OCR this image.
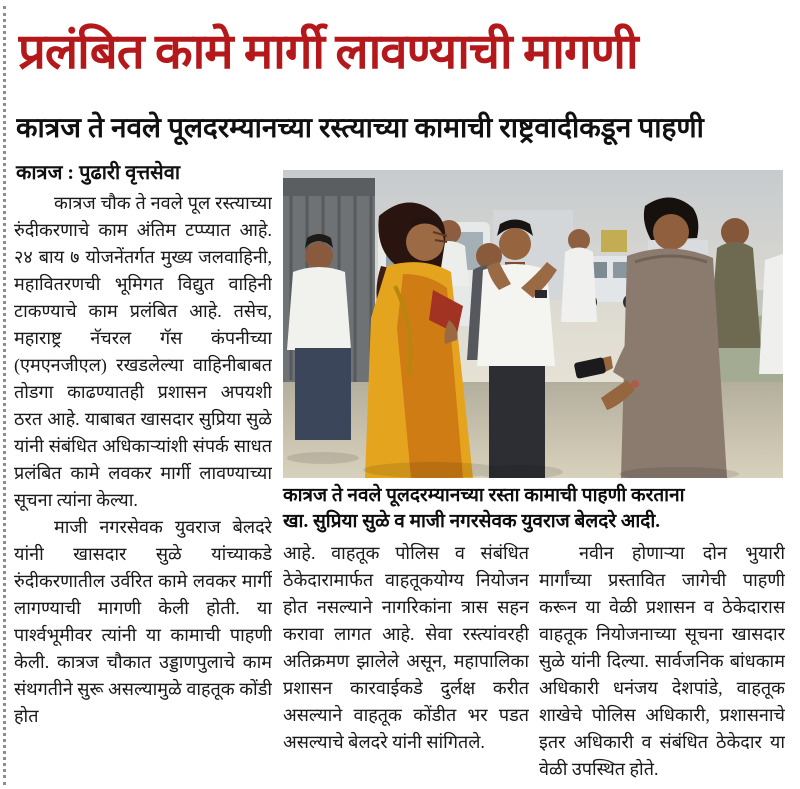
प्रलंबित कामे मार्गी लावण्याची मागणी
कात्रज ते नवले पूलदरम्यानच्या रस्त्याच्या कामाची राष्ट्रवादीकडून पाहणी
कात्रज : पुढारी वृत्तसेवा

कात्रज चौक ते नवले पूल रस्त्याच्या रुंदीकरणाचे काम अंतिम टप्प्यात आहे. २४ बाय ७ योजनेंतर्गत मुख्य जलवाहिनी, महावितरणची भूमिगत विद्युत वाहिनी टाकण्याचे काम प्रलंबित आहे. तसेच, महाराष्ट्र नॅचरल गॅस कंपनीच्या (एमएनजीएल) रखडलेल्या वाहिनीबाबत तोडगा काढण्यातही प्रशासन अपयशी ठरत आहे. याबाबत खासदार सुप्रिया सुळे यांनी संबंधित अधिकाऱ्यांशी संपर्क साधत प्रलंबित कामे लवकर मार्गी लावण्याच्या सूचना त्यांना केल्या.

माजी नगरसेवक युवराज बेलदरे यांनी खासदार सुळे यांच्याकडे रुंदीकरणातील उर्वरित कामे लवकर मार्गी लागण्याची मागणी केली होती. या पार्श्वभूमीवर त्यांनी या कामाची पाहणी केली. कात्रज चौकात उड्डाणपुलाचे काम संथगतीने सुरू असल्यामुळे वाहतूक कोंडी होत

कात्रज ते नवले पूलदरम्यानच्या रस्ता कामाची पाहणी करताना
खा. सुप्रिया सुळे व माजी नगरसेवक युवराज बेलदरे आदी.

आहे. वाहतूक पोलिस व संबंधित ठेकेदारामार्फत वाहतूकयोग्य नियोजन होत नसल्याने नागरिकांना त्रास सहन करावा लागत आहे. सेवा रस्त्यांवरही अतिक्रमण झालेले असून, महापालिका प्रशासन कारवाईकडे दुर्लक्ष करीत असल्याने वाहतूक कोंडीत भर पडत असल्याचे बेलदरे यांनी सांगितले.

नवीन होणाऱ्या दोन भुयारी मार्गांच्या प्रस्तावित जागेची पाहणी करून या वेळी प्रशासन व ठेकेदारास वाहतूक नियोजनाच्या सूचना खासदार सुळे यांनी दिल्या. सार्वजनिक बांधकाम अधिकारी धनंजय देशपांडे, वाहतूक शाखेचे पोलिस अधिकारी, प्रशासनाचे इतर अधिकारी व संबंधित ठेकेदार या वेळी उपस्थित होते.
